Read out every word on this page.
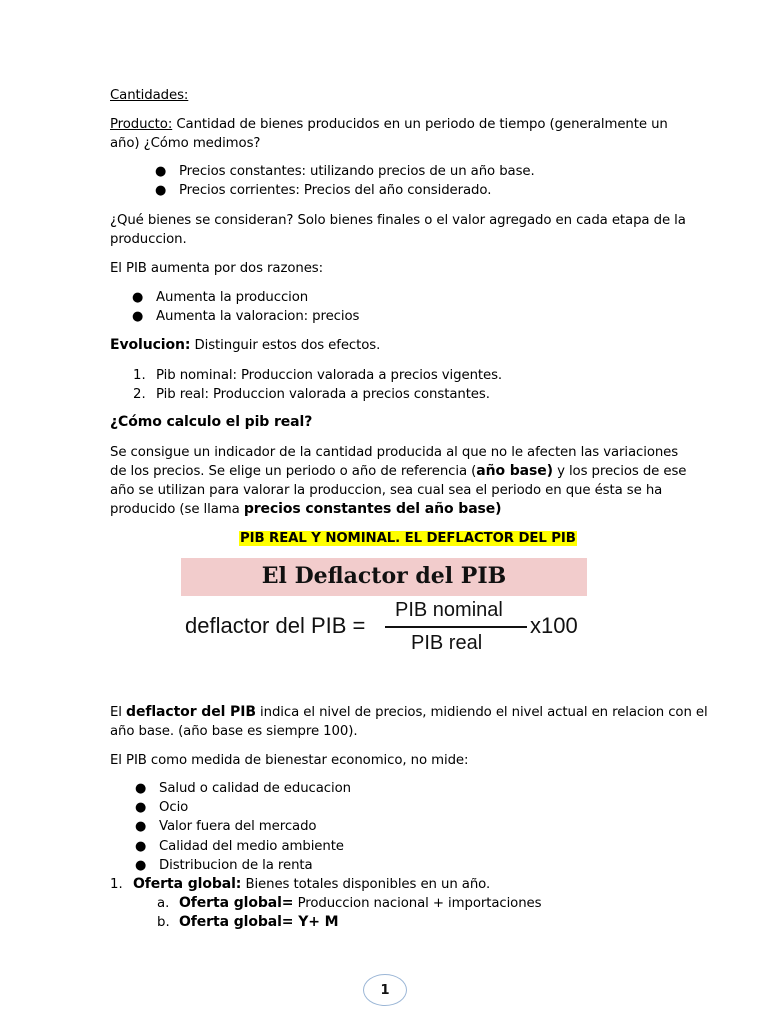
Cantidades:
Producto: Cantidad de bienes producidos en un periodo de tiempo (generalmente un
año) ¿Cómo medimos?
● Precios constantes: utilizando precios de un año base.
● Precios corrientes: Precios del año considerado.
¿Qué bienes se consideran? Solo bienes finales o el valor agregado en cada etapa de la
produccion.
El PIB aumenta por dos razones:
● Aumenta la produccion
● Aumenta la valoracion: precios
Evolucion: Distinguir estos dos efectos.
1. Pib nominal: Produccion valorada a precios vigentes.
2. Pib real: Produccion valorada a precios constantes.
¿Cómo calculo el pib real?
Se consigue un indicador de la cantidad producida al que no le afecten las variaciones
de los precios. Se elige un periodo o año de referencia (año base) y los precios de ese
año se utilizan para valorar la produccion, sea cual sea el periodo en que ésta se ha
producido (se llama precios constantes del año base)
PIB REAL Y NOMINAL. EL DEFLACTOR DEL PIB
El Deflactor del PIB
deflactor del PIB =
PIB nominal
PIB real
x100
El deflactor del PIB indica el nivel de precios, midiendo el nivel actual en relacion con el
año base. (año base es siempre 100).
El PIB como medida de bienestar economico, no mide:
● Salud o calidad de educacion
● Ocio
● Valor fuera del mercado
● Calidad del medio ambiente
● Distribucion de la renta
1. Oferta global: Bienes totales disponibles en un año.
a. Oferta global= Produccion nacional + importaciones
b. Oferta global= Y+ M
1
